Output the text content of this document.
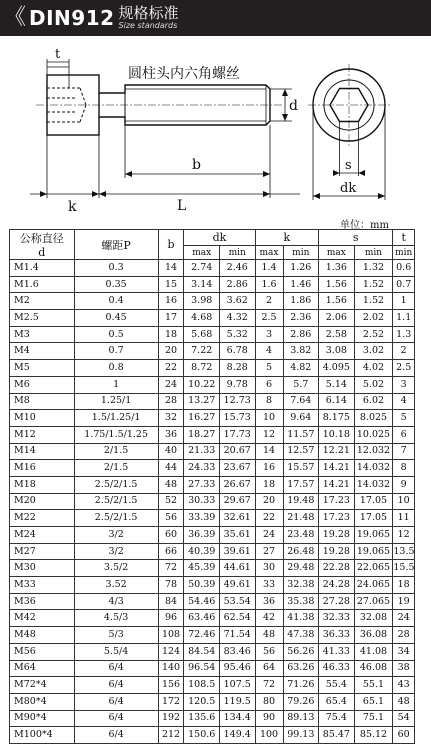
《 DIN912 规格标准
Size standards
圆柱头内六角螺丝
t
d
b
k	L
s
dk
单位：mm
公称直径
d	螺距P	b	dk		k		s		t
			max	min	max	min	max	min	min
M1.4	0.3	14	2.74	2.46	1.4	1.26	1.36	1.32	0.6
M1.6	0.35	15	3.14	2.86	1.6	1.46	1.56	1.52	0.7
M2	0.4	16	3.98	3.62	2	1.86	1.56	1.52	1
M2.5	0.45	17	4.68	4.32	2.5	2.36	2.06	2.02	1.1
M3	0.5	18	5.68	5.32	3	2.86	2.58	2.52	1.3
M4	0.7	20	7.22	6.78	4	3.82	3.08	3.02	2
M5	0.8	22	8.72	8.28	5	4.82	4.095	4.02	2.5
M6	1	24	10.22	9.78	6	5.7	5.14	5.02	3
M8	1.25/1	28	13.27	12.73	8	7.64	6.14	6.02	4
M10	1.5/1.25/1	32	16.27	15.73	10	9.64	8.175	8.025	5
M12	1.75/1.5/1.25	36	18.27	17.73	12	11.57	10.18	10.025	6
M14	2/1.5	40	21.33	20.67	14	12.57	12.21	12.032	7
M16	2/1.5	44	24.33	23.67	16	15.57	14.21	14.032	8
M18	2.5/2/1.5	48	27.33	26.67	18	17.57	14.21	14.032	9
M20	2.5/2/1.5	52	30.33	29.67	20	19.48	17.23	17.05	10
M22	2.5/2/1.5	56	33.39	32.61	22	21.48	17.23	17.05	11
M24	3/2	60	36.39	35.61	24	23.48	19.28	19.065	12
M27	3/2	66	40.39	39.61	27	26.48	19.28	19.065	13.5
M30	3.5/2	72	45.39	44.61	30	29.48	22.28	22.065	15.5
M33	3.52	78	50.39	49.61	33	32.38	24.28	24.065	18
M36	4/3	84	54.46	53.54	36	35.38	27.28	27.065	19
M42	4.5/3	96	63.46	62.54	42	41.38	32.33	32.08	24
M48	5/3	108	72.46	71.54	48	47.38	36.33	36.08	28
M56	5.5/4	124	84.54	83.46	56	56.26	41.33	41.08	34
M64	6/4	140	96.54	95.46	64	63.26	46.33	46.08	38
M72*4	6/4	156	108.5	107.5	72	71.26	55.4	55.1	43
M80*4	6/4	172	120.5	119.5	80	79.26	65.4	65.1	48
M90*4	6/4	192	135.6	134.4	90	89.13	75.4	75.1	54
M100*4	6/4	212	150.6	149.4	100	99.13	85.47	85.12	60
